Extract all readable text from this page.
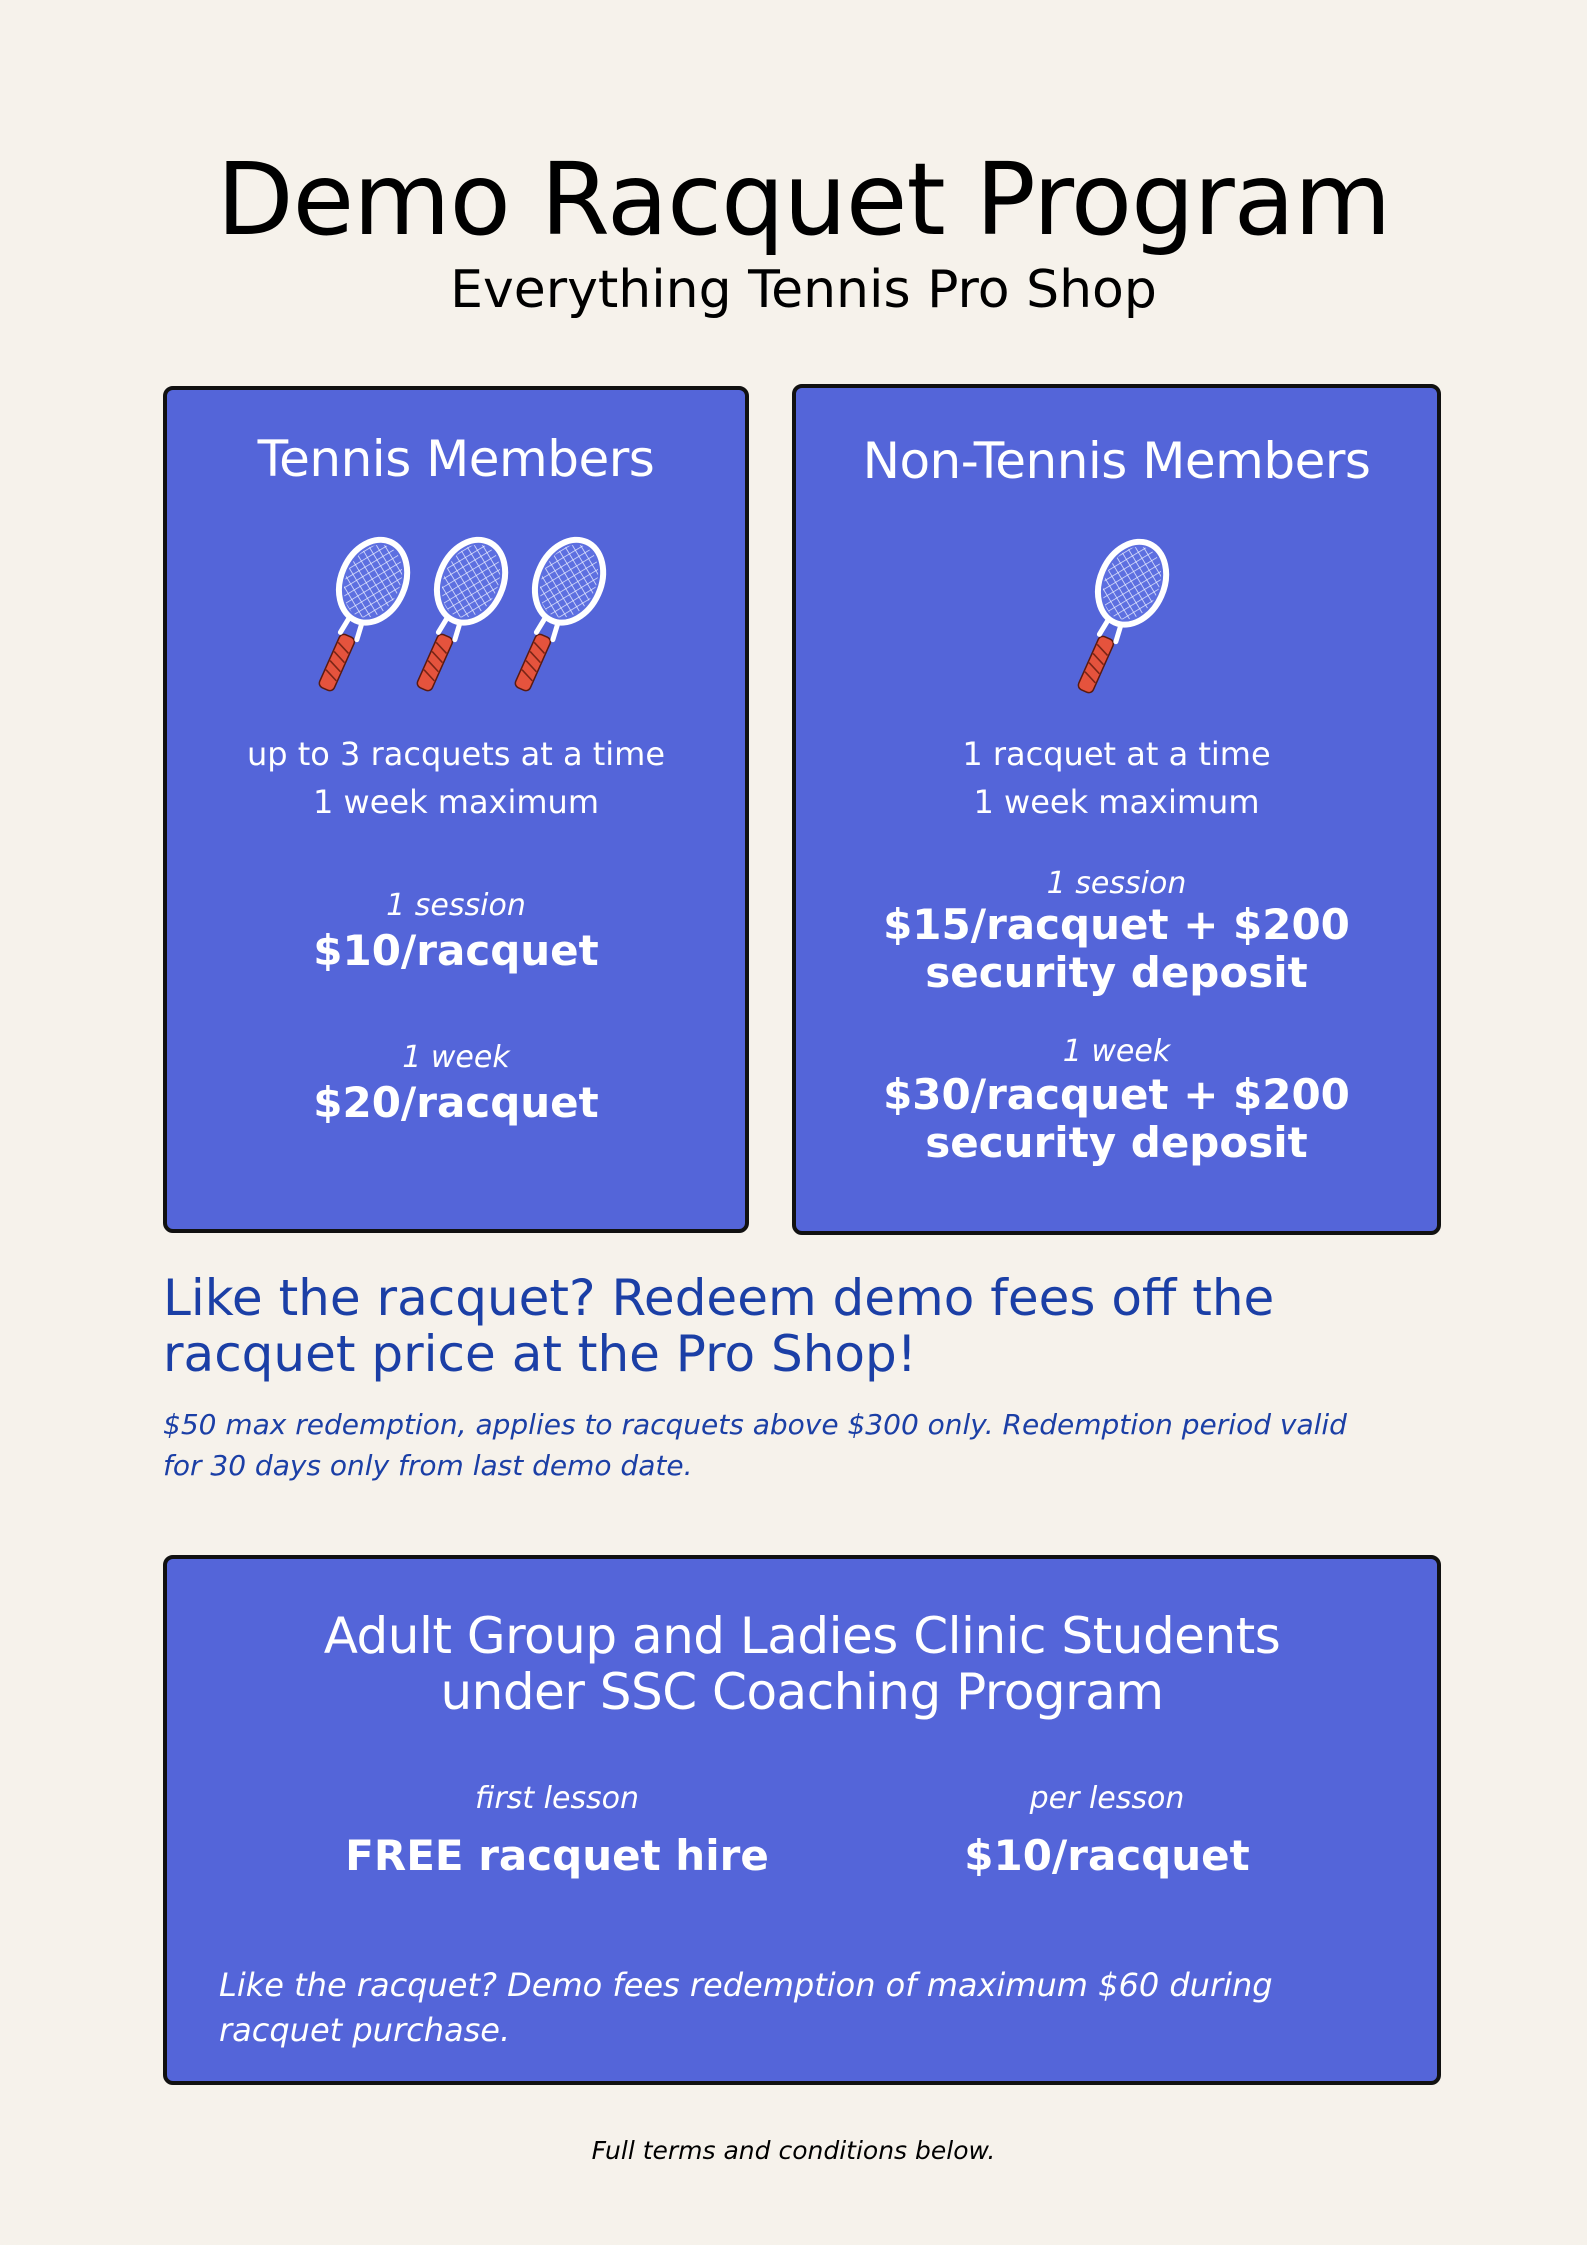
Demo Racquet Program
Everything Tennis Pro Shop
Tennis Members
up to 3 racquets at a time
1 week maximum
1 session
$10/racquet
1 week
$20/racquet
Non-Tennis Members
1 racquet at a time
1 week maximum
1 session
$15/racquet + $200
security deposit
1 week
$30/racquet + $200
security deposit
Like the racquet? Redeem demo fees off the
racquet price at the Pro Shop!
$50 max redemption, applies to racquets above $300 only. Redemption period valid
for 30 days only from last demo date.
Adult Group and Ladies Clinic Students
under SSC Coaching Program
first lesson
FREE racquet hire
per lesson
$10/racquet
Like the racquet? Demo fees redemption of maximum $60 during
racquet purchase.
Full terms and conditions below.
